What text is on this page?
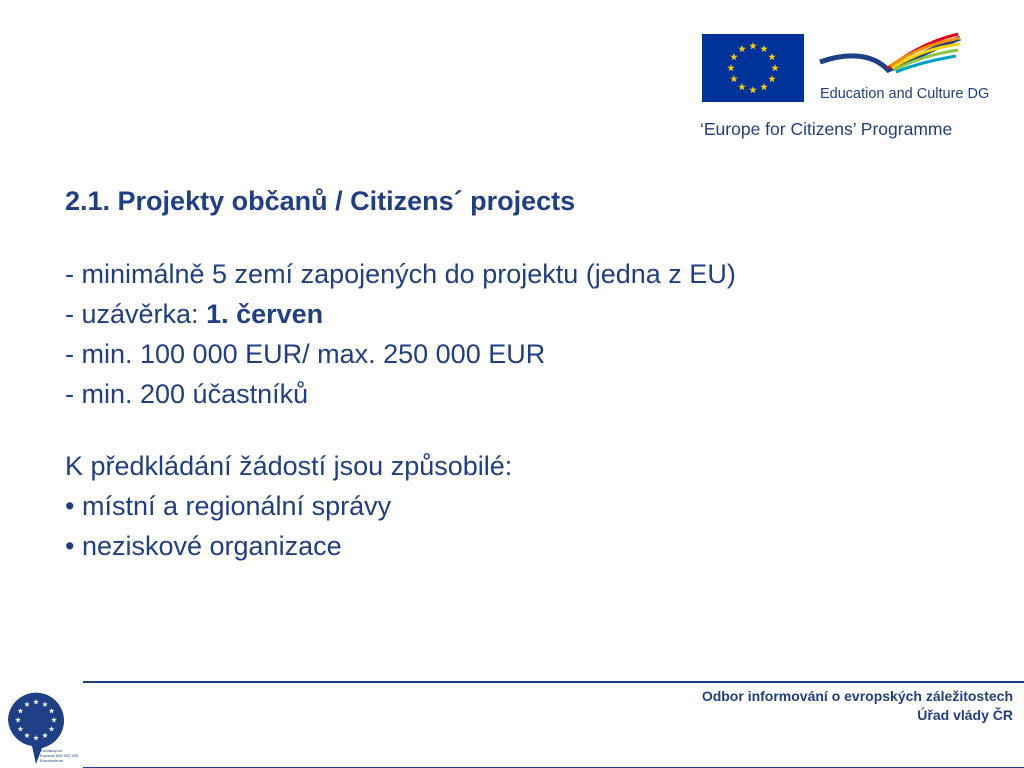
Education and Culture DG
‘Europe for Citizens’ Programme
2.1. Projekty občanů / Citizens´ projects
- minimálně 5 zemí zapojených do projektu (jedna z EU)
- uzávěrka: 1. červen
- min. 100 000 EUR/ max. 250 000 EUR
- min. 200 účastníků
K předkládání žádostí jsou způsobilé:
• místní a regionální správy
• neziskové organizace
Euroskop.cz
Euroinfo 800 200 200
Eurocentrum
Odbor informování o evropských záležitostech
Úřad vlády ČR
